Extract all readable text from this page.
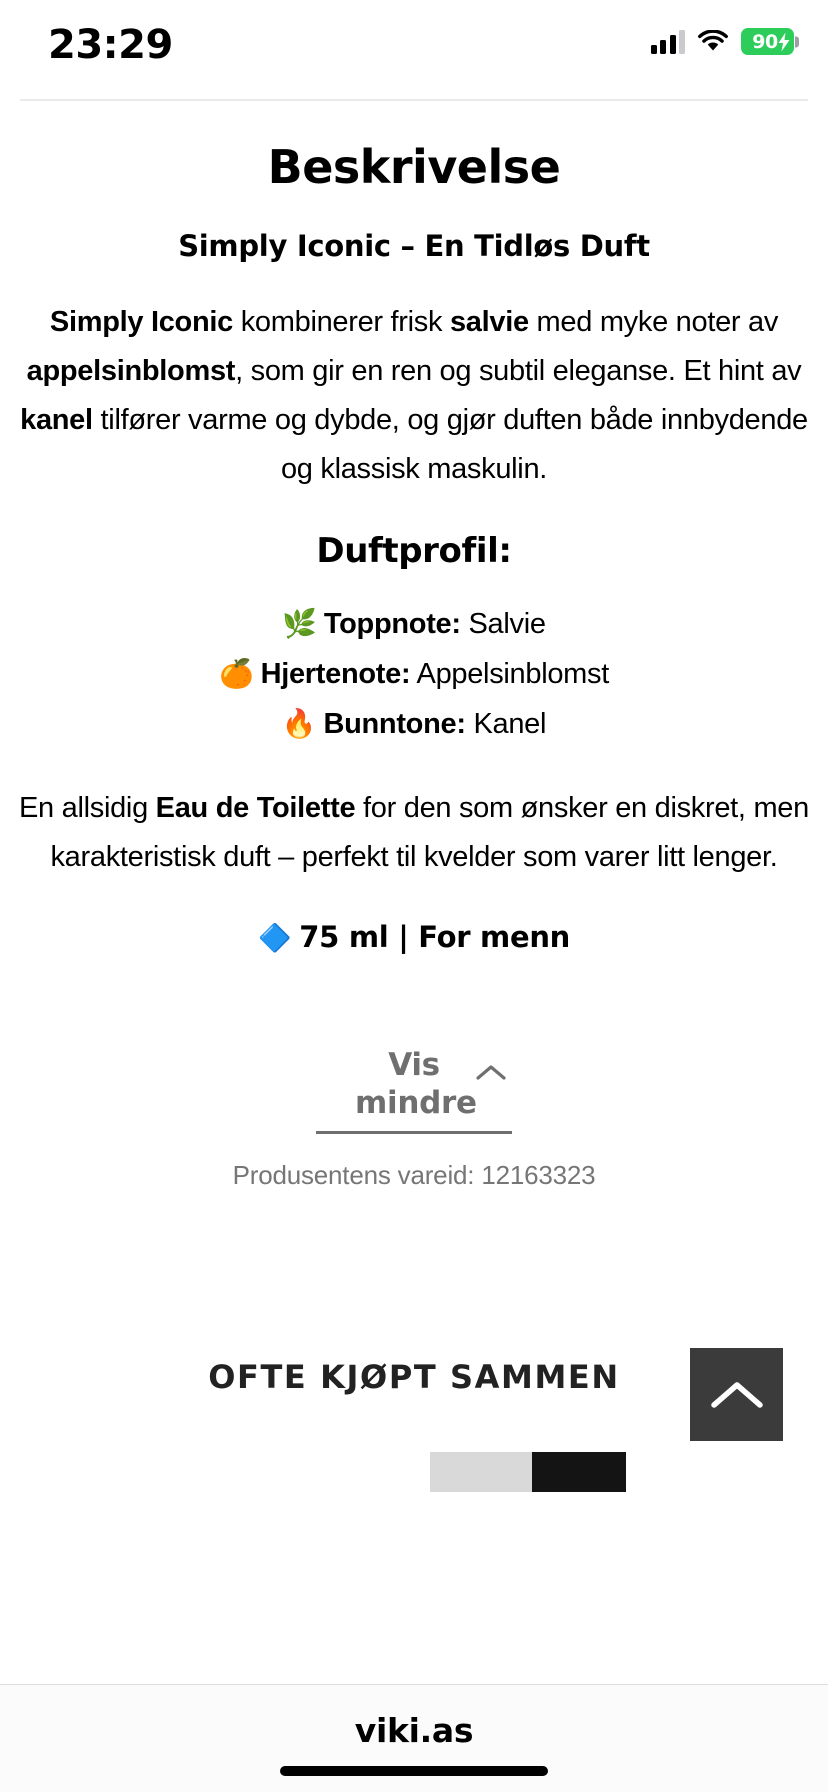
23:29	90
Beskrivelse
Simply Iconic – En Tidløs Duft

Simply Iconic kombinerer frisk salvie med myke noter av appelsinblomst, som gir en ren og subtil eleganse. Et hint av kanel tilfører varme og dybde, og gjør duften både innbydende og klassisk maskulin.

Duftprofil:
🌿 Toppnote: Salvie
🍊 Hjertenote: Appelsinblomst
🔥 Bunntone: Kanel

En allsidig Eau de Toilette for den som ønsker en diskret, men karakteristisk duft – perfekt til kvelder som varer litt lenger.

🔷 75 ml | For menn
Vis mindre
Produsentens vareid: 12163323
OFTE KJØPT SAMMEN
viki.as
